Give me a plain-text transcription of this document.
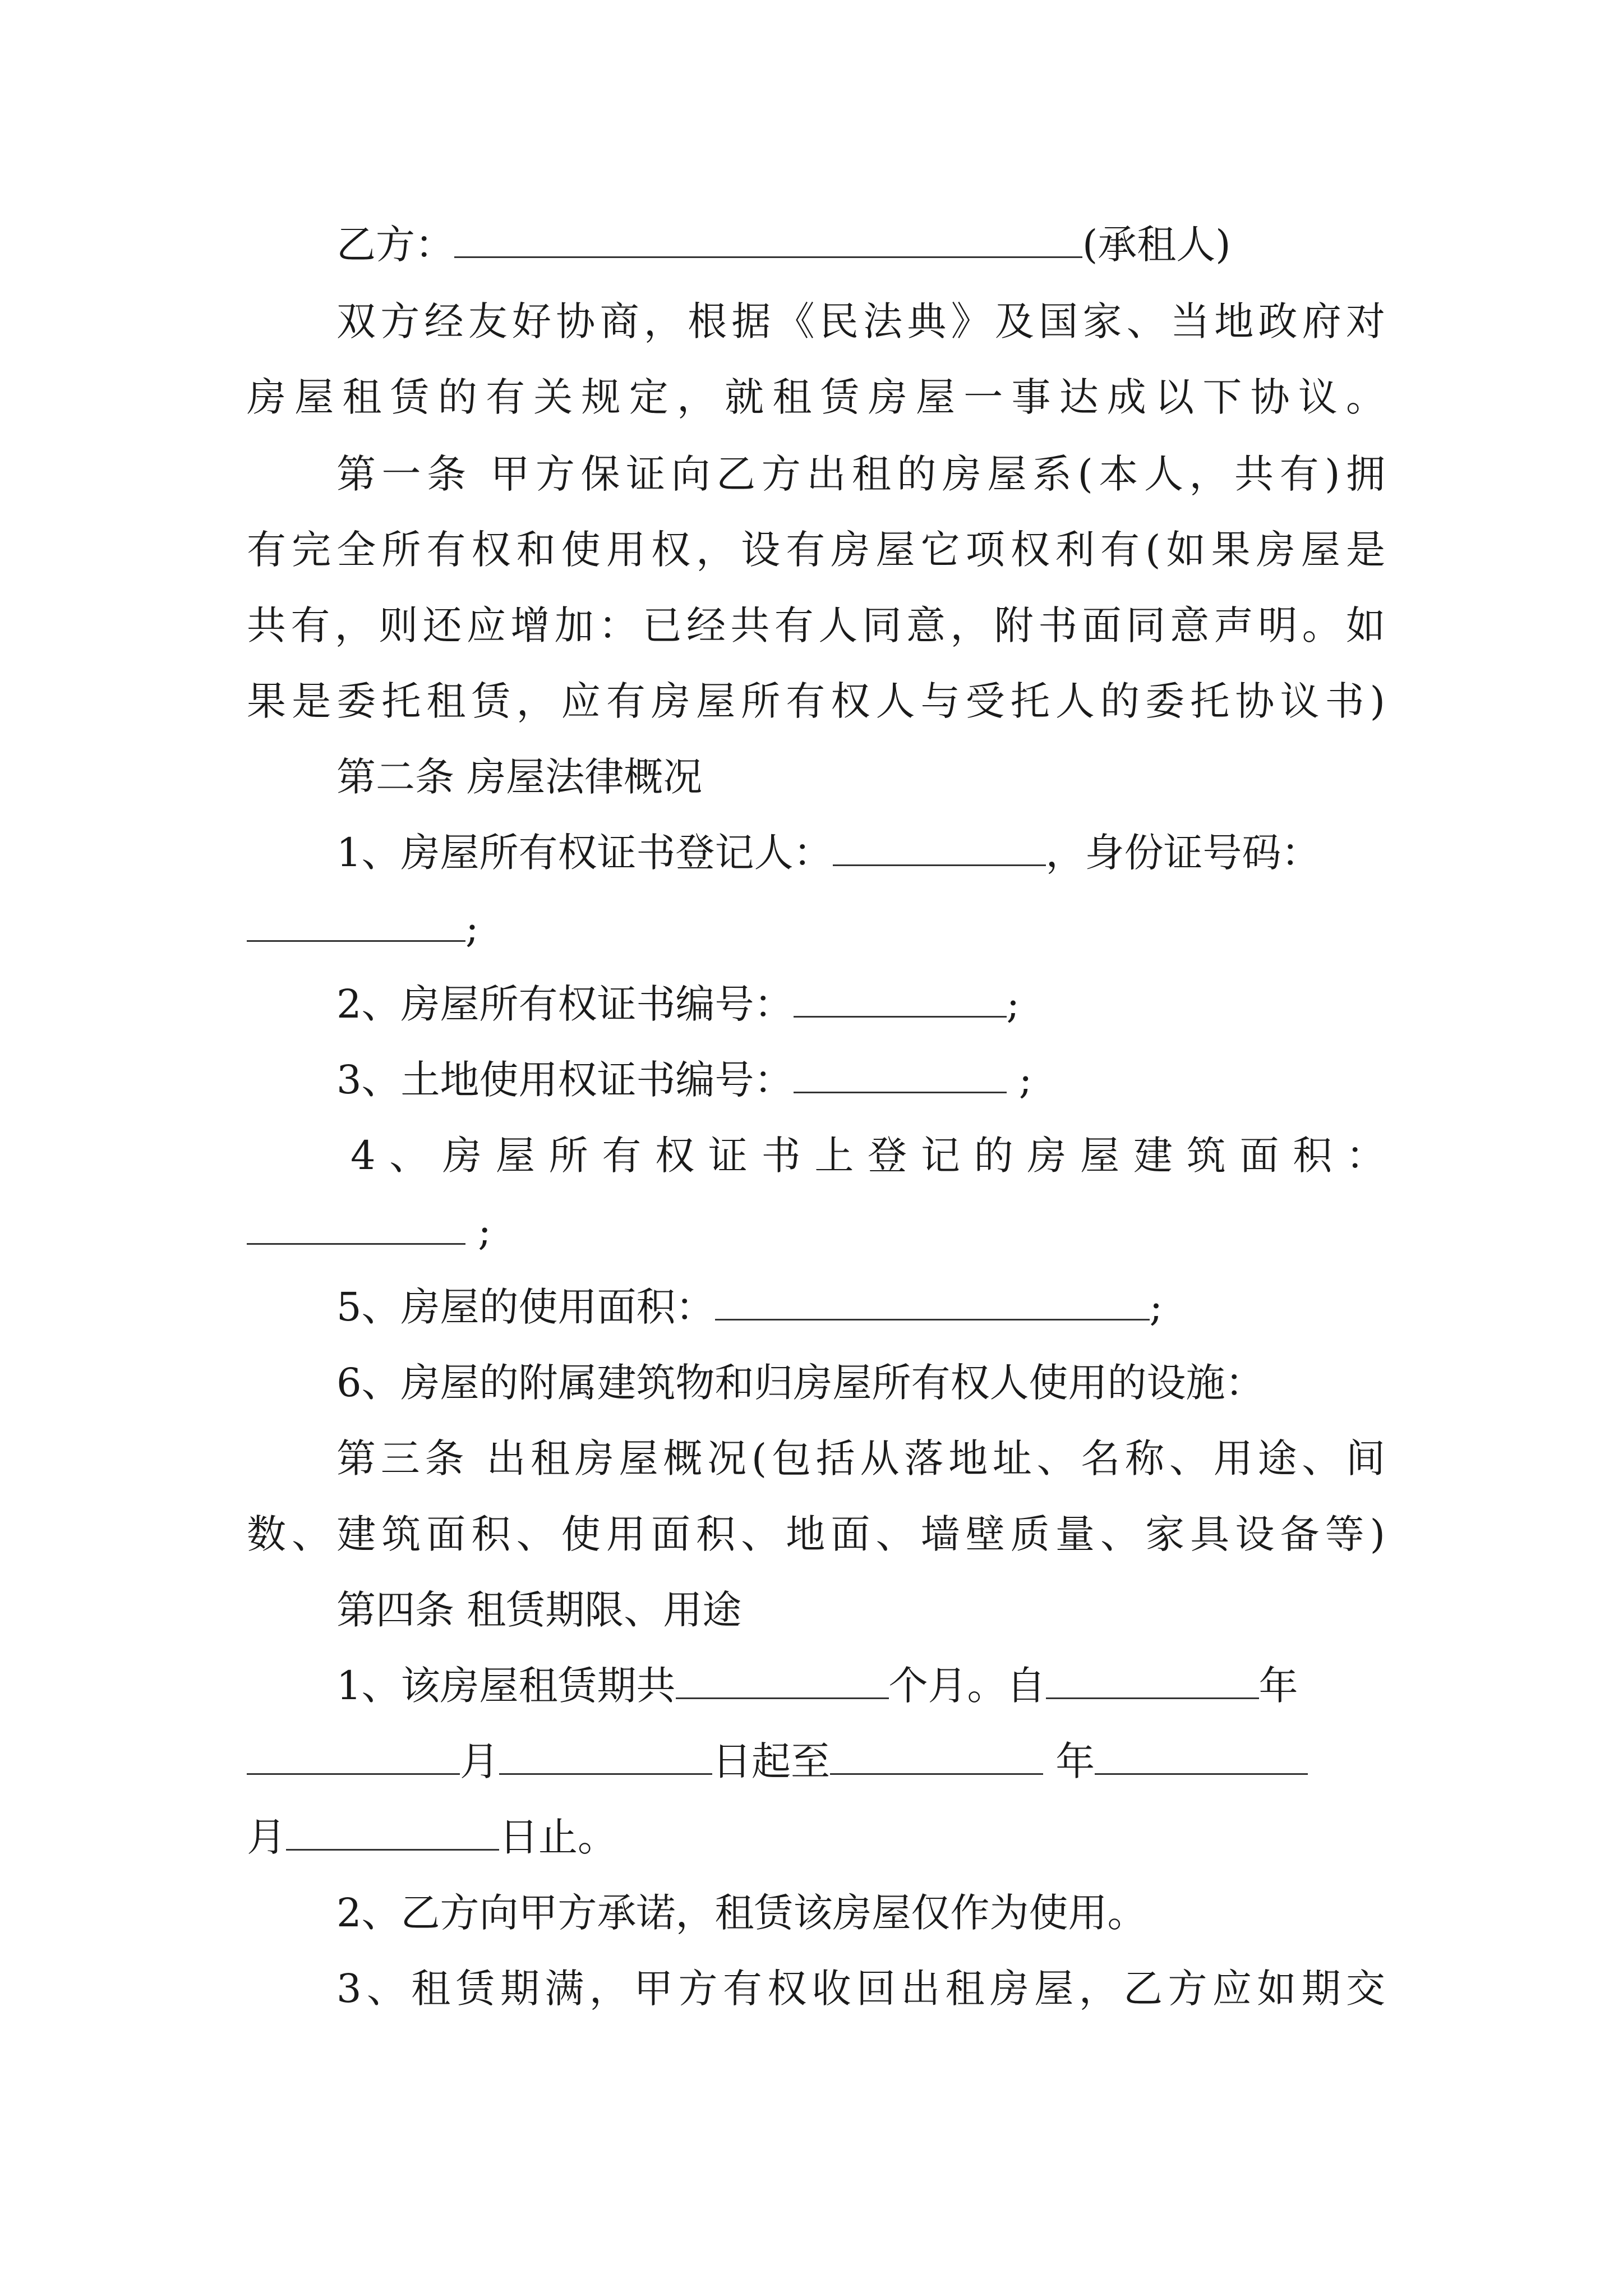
乙方：	(承租人)
双方经友好协商，根据《民法典》及国家、当地政府对
房屋租赁的有关规定，就租赁房屋一事达成以下协议。
第一条 甲方保证向乙方出租的房屋系(本人，共有)拥
有完全所有权和使用权，设有房屋它项权利有(如果房屋是
共有，则还应增加：已经共有人同意，附书面同意声明。如
果是委托租赁，应有房屋所有权人与受托人的委托协议书)
第二条 房屋法律概况
1、房屋所有权证书登记人：	，身份证号码：
;
2、房屋所有权证书编号：	;
3、土地使用权证书编号：	;
4、房屋所有权证书上登记的房屋建筑面积：
;
5、房屋的使用面积：	;
6、房屋的附属建筑物和归房屋所有权人使用的设施：
第三条 出租房屋概况(包括从落地址、名称、用途、间
数、建筑面积、使用面积、地面、墙壁质量、家具设备等)
第四条 租赁期限、用途
1、该房屋租赁期共	个月。自	年
月	日起至	年
月	日止。
2、乙方向甲方承诺，租赁该房屋仅作为使用。
3、租赁期满，甲方有权收回出租房屋，乙方应如期交
